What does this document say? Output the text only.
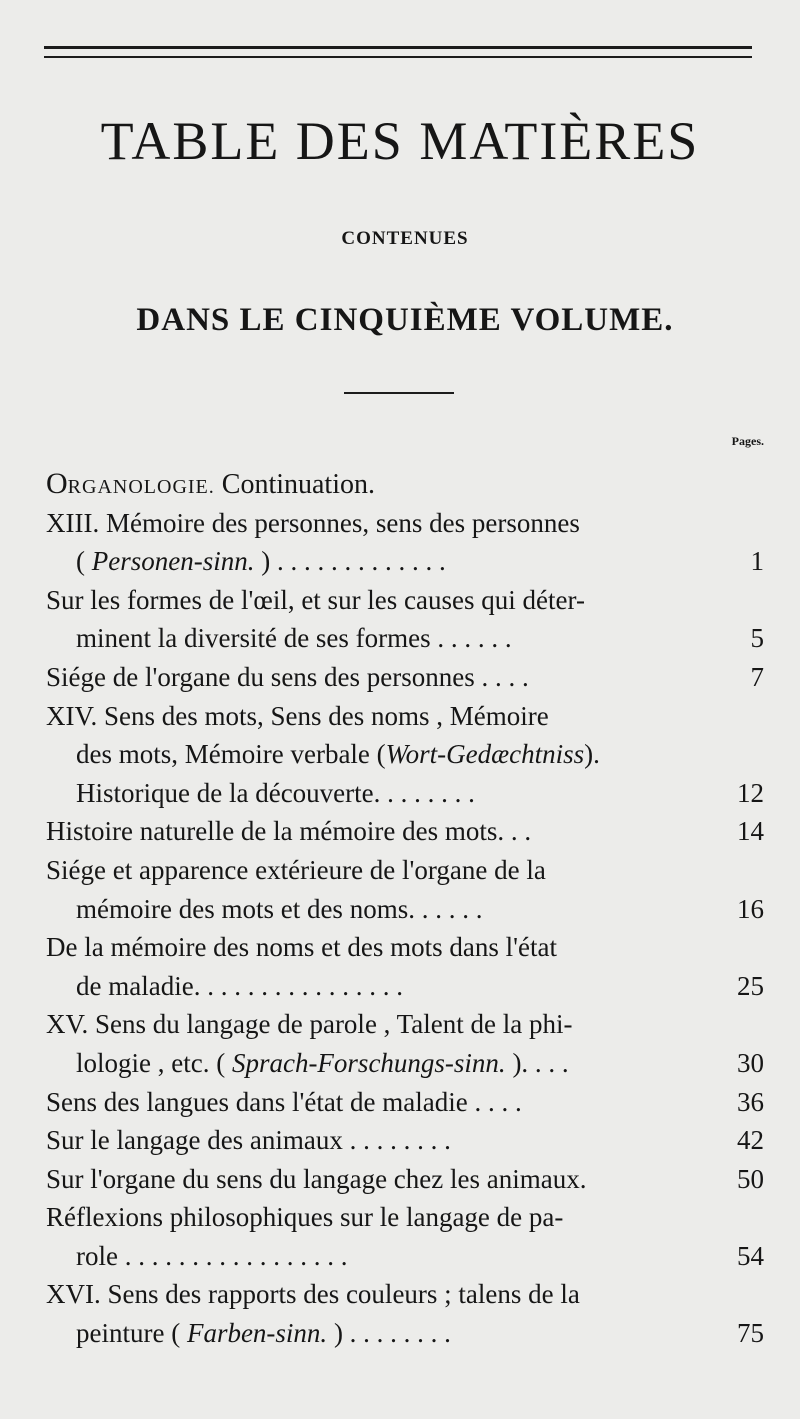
TABLE DES MATIÈRES
CONTENUES
DANS LE CINQUIÈME VOLUME.
Pages.
ORGANOLOGIE. Continuation.
XIII. Mémoire des personnes, sens des personnes
( Personen-sinn. ) . . . . . . . . . . . . .	1
Sur les formes de l'œil, et sur les causes qui déter-
minent la diversité de ses formes . . . . . .	5
Siége de l'organe du sens des personnes . . . .	7
XIV. Sens des mots, Sens des noms , Mémoire
des mots, Mémoire verbale (Wort-Gedæchtniss).
Historique de la découverte. . . . . . . .	12
Histoire naturelle de la mémoire des mots. . .	14
Siége et apparence extérieure de l'organe de la
mémoire des mots et des noms. . . . . .	16
De la mémoire des noms et des mots dans l'état
de maladie. . . . . . . . . . . . . . . .	25
XV. Sens du langage de parole , Talent de la phi-
lologie , etc. ( Sprach-Forschungs-sinn. ). . . .	30
Sens des langues dans l'état de maladie . . . .	36
Sur le langage des animaux . . . . . . . .	42
Sur l'organe du sens du langage chez les animaux.	50
Réflexions philosophiques sur le langage de pa-
role . . . . . . . . . . . . . . . . .	54
XVI. Sens des rapports des couleurs ; talens de la
peinture ( Farben-sinn. ) . . . . . . . .	75
